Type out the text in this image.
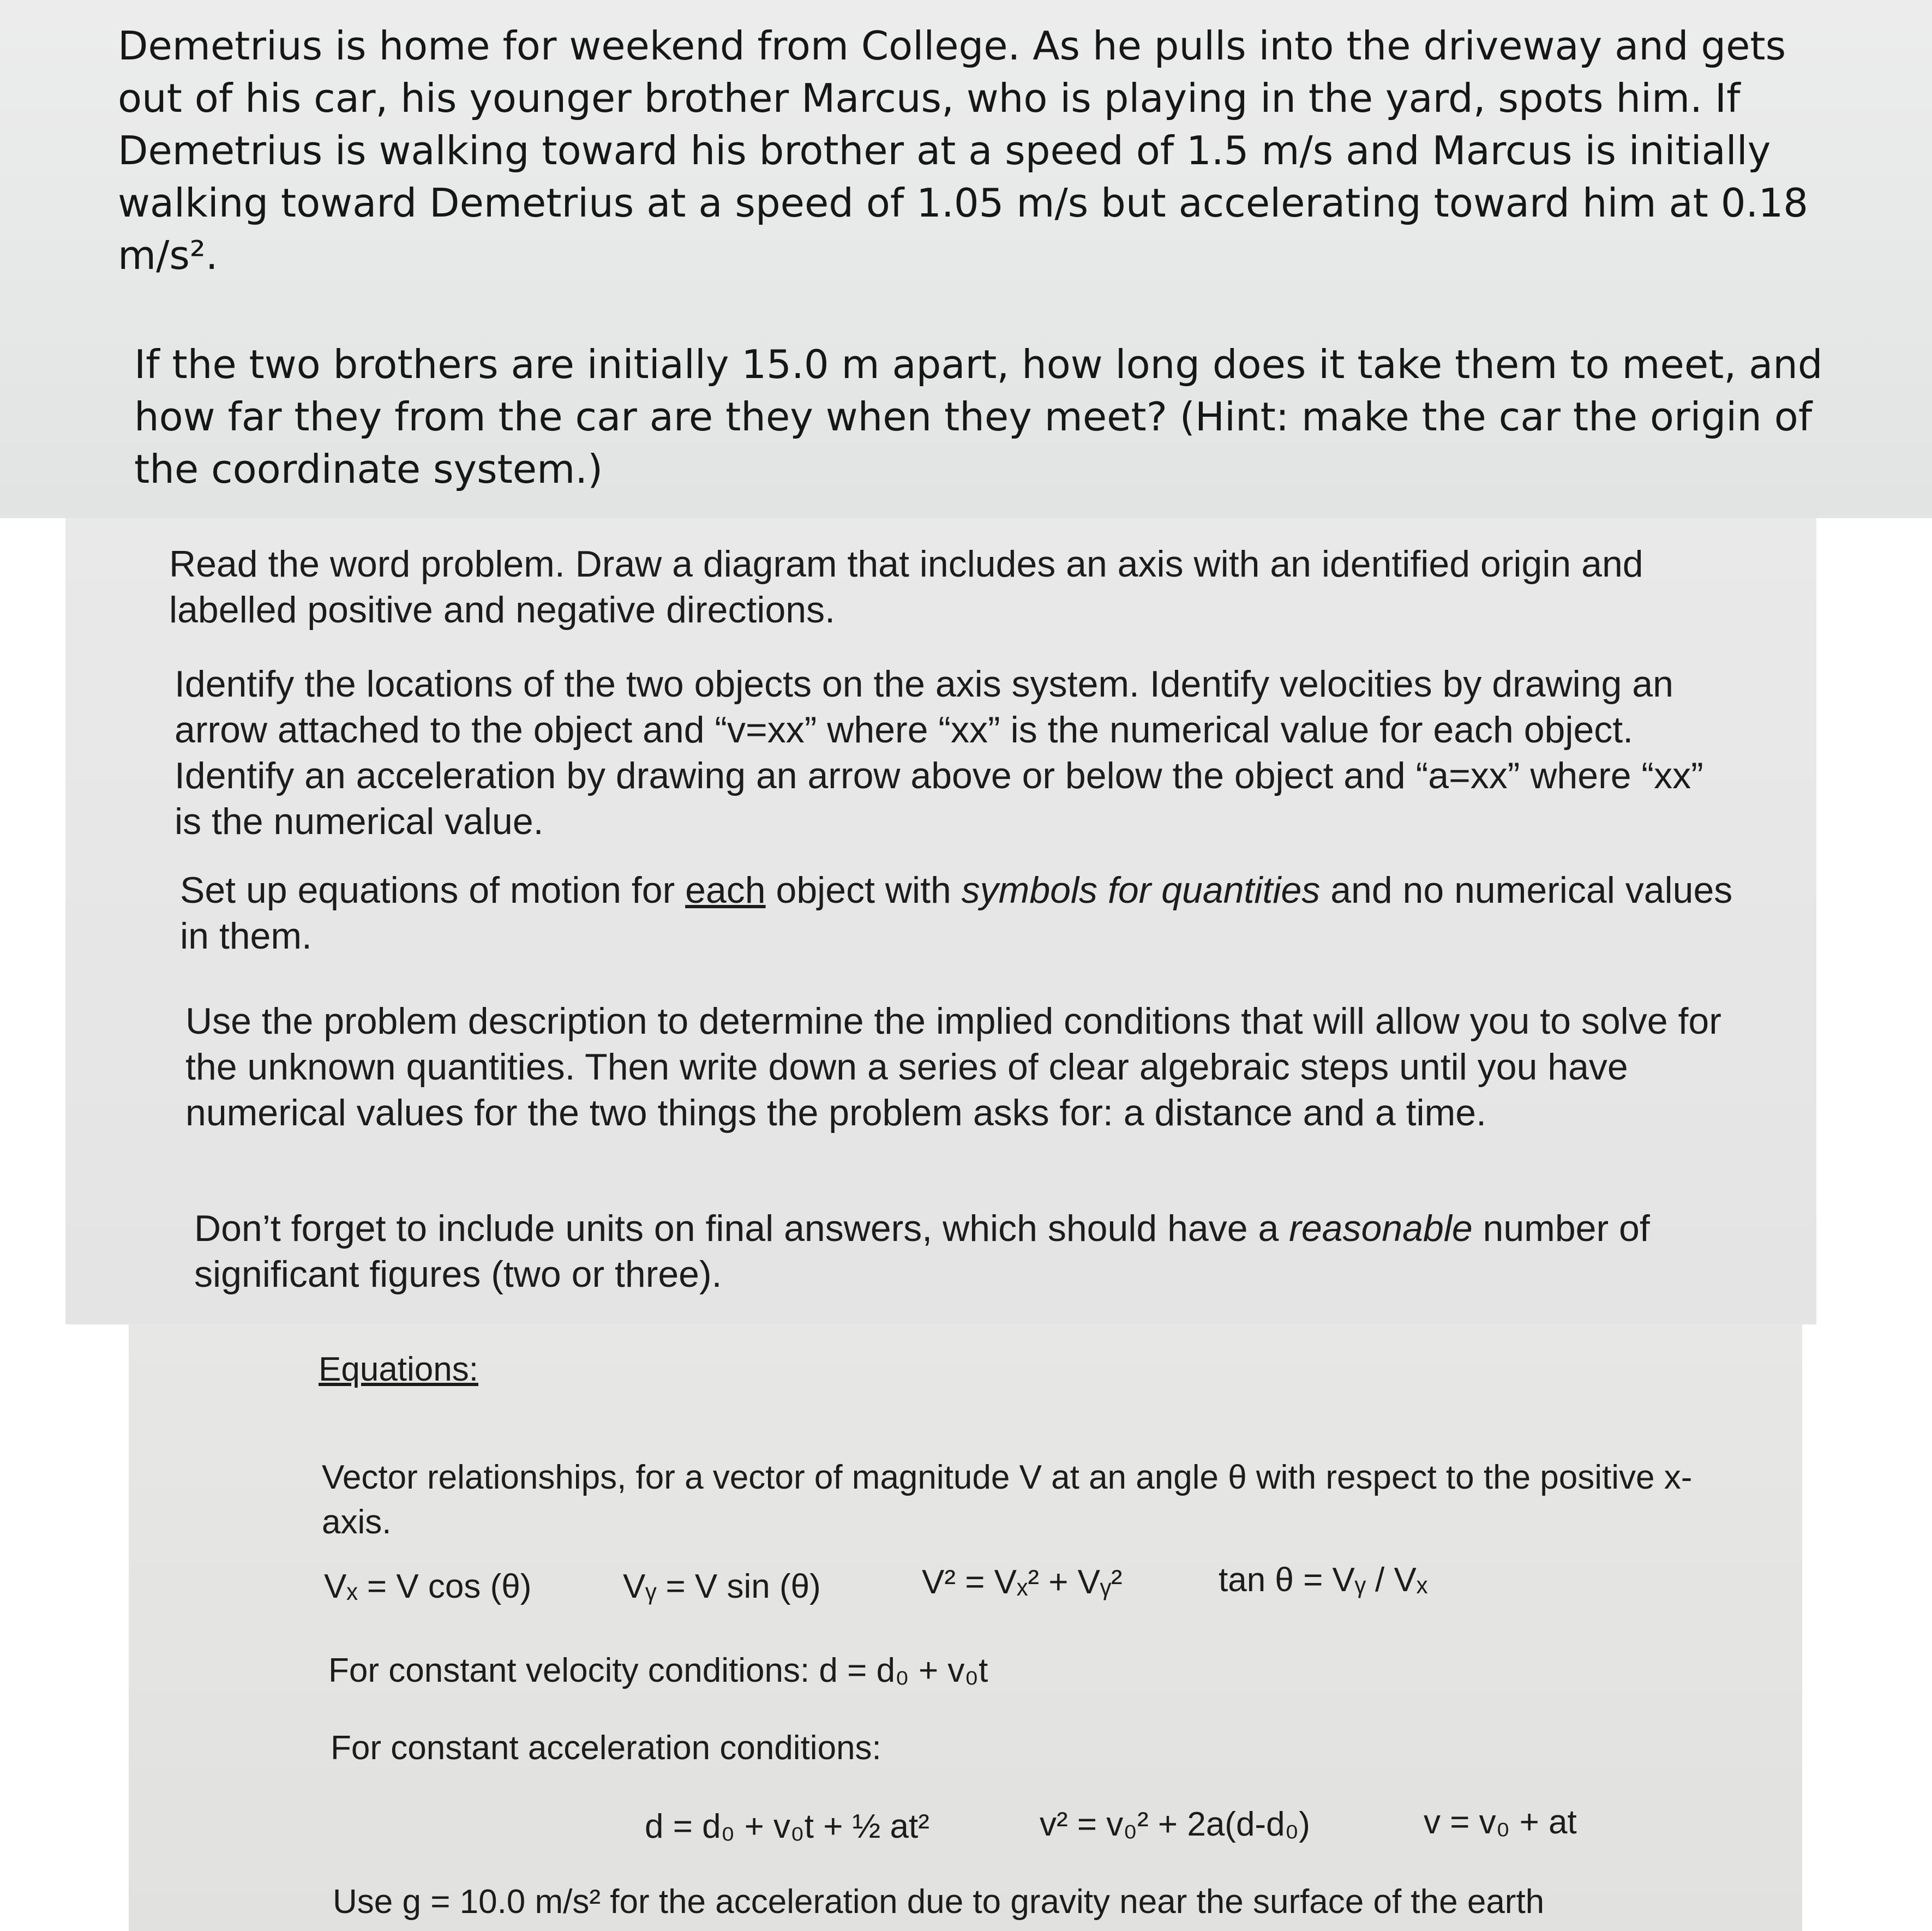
Demetrius is home for weekend from College. As he pulls into the driveway and gets out of his car, his younger brother Marcus, who is playing in the yard, spots him. If Demetrius is walking toward his brother at a speed of 1.5 m/s and Marcus is initially walking toward Demetrius at a speed of 1.05 m/s but accelerating toward him at 0.18 m/s².

If the two brothers are initially 15.0 m apart, how long does it take them to meet, and how far they from the car are they when they meet? (Hint: make the car the origin of the coordinate system.)

Read the word problem. Draw a diagram that includes an axis with an identified origin and labelled positive and negative directions.

Identify the locations of the two objects on the axis system. Identify velocities by drawing an arrow attached to the object and “v=xx” where “xx” is the numerical value for each object. Identify an acceleration by drawing an arrow above or below the object and “a=xx” where “xx” is the numerical value.

Set up equations of motion for each object with symbols for quantities and no numerical values in them.

Use the problem description to determine the implied conditions that will allow you to solve for the unknown quantities. Then write down a series of clear algebraic steps until you have numerical values for the two things the problem asks for: a distance and a time.

Don’t forget to include units on final answers, which should have a reasonable number of significant figures (two or three).

Equations:

Vector relationships, for a vector of magnitude V at an angle θ with respect to the positive x-axis.

Vₓ = V cos (θ)	Vᵧ = V sin (θ)	V² = Vₓ² + Vᵧ²	tan θ = Vᵧ / Vₓ

For constant velocity conditions: d = d₀ + v₀t

For constant acceleration conditions:

d = d₀ + v₀t + ½ at²	v² = v₀² + 2a(d-d₀)	v = v₀ + at

Use g = 10.0 m/s² for the acceleration due to gravity near the surface of the earth
